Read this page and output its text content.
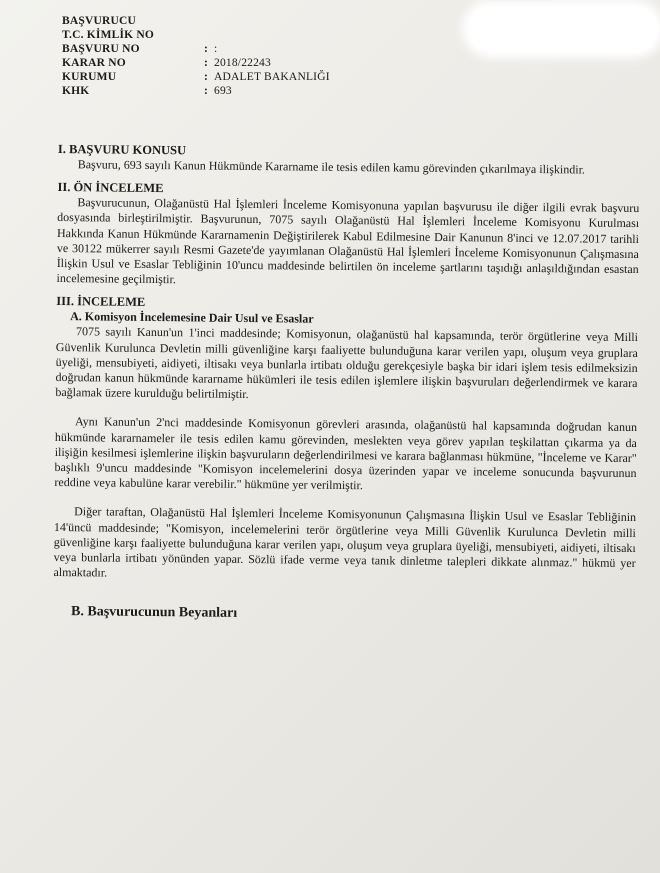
BAŞVURUCU
T.C. KİMLİK NO
BAŞVURU NO	: :
KARAR NO	: 2018/22243
KURUMU	: ADALET BAKANLIĞI
KHK	: 693
I. BAŞVURU KONUSU

Başvuru, 693 sayılı Kanun Hükmünde Kararname ile tesis edilen kamu görevinden çıkarılmaya ilişkindir.

II. ÖN İNCELEME

Başvurucunun, Olağanüstü Hal İşlemleri İnceleme Komisyonuna yapılan başvurusu ile diğer ilgili evrak başvuru dosyasında birleştirilmiştir. Başvurunun, 7075 sayılı Olağanüstü Hal İşlemleri İnceleme Komisyonu Kurulması Hakkında Kanun Hükmünde Kararnamenin Değiştirilerek Kabul Edilmesine Dair Kanunun 8'inci ve 12.07.2017 tarihli ve 30122 mükerrer sayılı Resmi Gazete'de yayımlanan Olağanüstü Hal İşlemleri İnceleme Komisyonunun Çalışmasına İlişkin Usul ve Esaslar Tebliğinin 10'uncu maddesinde belirtilen ön inceleme şartlarını taşıdığı anlaşıldığından esastan incelemesine geçilmiştir.

III. İNCELEME
A. Komisyon İncelemesine Dair Usul ve Esaslar

7075 sayılı Kanun'un 1'inci maddesinde; Komisyonun, olağanüstü hal kapsamında, terör örgütlerine veya Milli Güvenlik Kurulunca Devletin milli güvenliğine karşı faaliyette bulunduğuna karar verilen yapı, oluşum veya gruplara üyeliği, mensubiyeti, aidiyeti, iltisakı veya bunlarla irtibatı olduğu gerekçesiyle başka bir idari işlem tesis edilmeksizin doğrudan kanun hükmünde kararname hükümleri ile tesis edilen işlemlere ilişkin başvuruları değerlendirmek ve karara bağlamak üzere kurulduğu belirtilmiştir.

Aynı Kanun'un 2'nci maddesinde Komisyonun görevleri arasında, olağanüstü hal kapsamında doğrudan kanun hükmünde kararnameler ile tesis edilen kamu görevinden, meslekten veya görev yapılan teşkilattan çıkarma ya da ilişiğin kesilmesi işlemlerine ilişkin başvuruların değerlendirilmesi ve karara bağlanması hükmüne, "İnceleme ve Karar" başlıklı 9'uncu maddesinde "Komisyon incelemelerini dosya üzerinden yapar ve inceleme sonucunda başvurunun reddine veya kabulüne karar verebilir." hükmüne yer verilmiştir.

Diğer taraftan, Olağanüstü Hal İşlemleri İnceleme Komisyonunun Çalışmasına İlişkin Usul ve Esaslar Tebliğinin 14'üncü maddesinde; "Komisyon, incelemelerini terör örgütlerine veya Milli Güvenlik Kurulunca Devletin milli güvenliğine karşı faaliyette bulunduğuna karar verilen yapı, oluşum veya gruplara üyeliği, mensubiyeti, aidiyeti, iltisakı veya bunlarla irtibatı yönünden yapar. Sözlü ifade verme veya tanık dinletme talepleri dikkate alınmaz." hükmü yer almaktadır.

B. Başvurucunun Beyanları
